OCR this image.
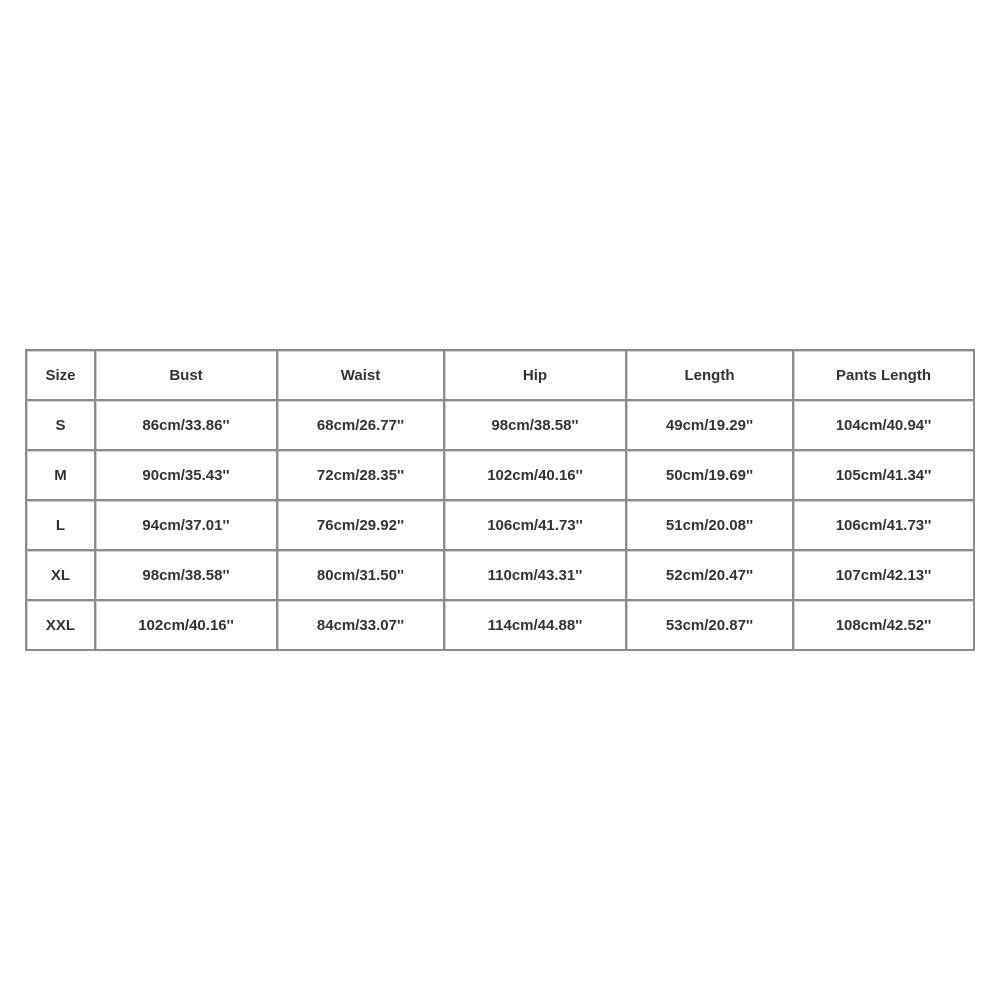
Size	Bust	Waist	Hip	Length	Pants Length
S	86cm/33.86''	68cm/26.77''	98cm/38.58''	49cm/19.29''	104cm/40.94''
M	90cm/35.43''	72cm/28.35''	102cm/40.16''	50cm/19.69''	105cm/41.34''
L	94cm/37.01''	76cm/29.92''	106cm/41.73''	51cm/20.08''	106cm/41.73''
XL	98cm/38.58''	80cm/31.50''	110cm/43.31''	52cm/20.47''	107cm/42.13''
XXL	102cm/40.16''	84cm/33.07''	114cm/44.88''	53cm/20.87''	108cm/42.52''
